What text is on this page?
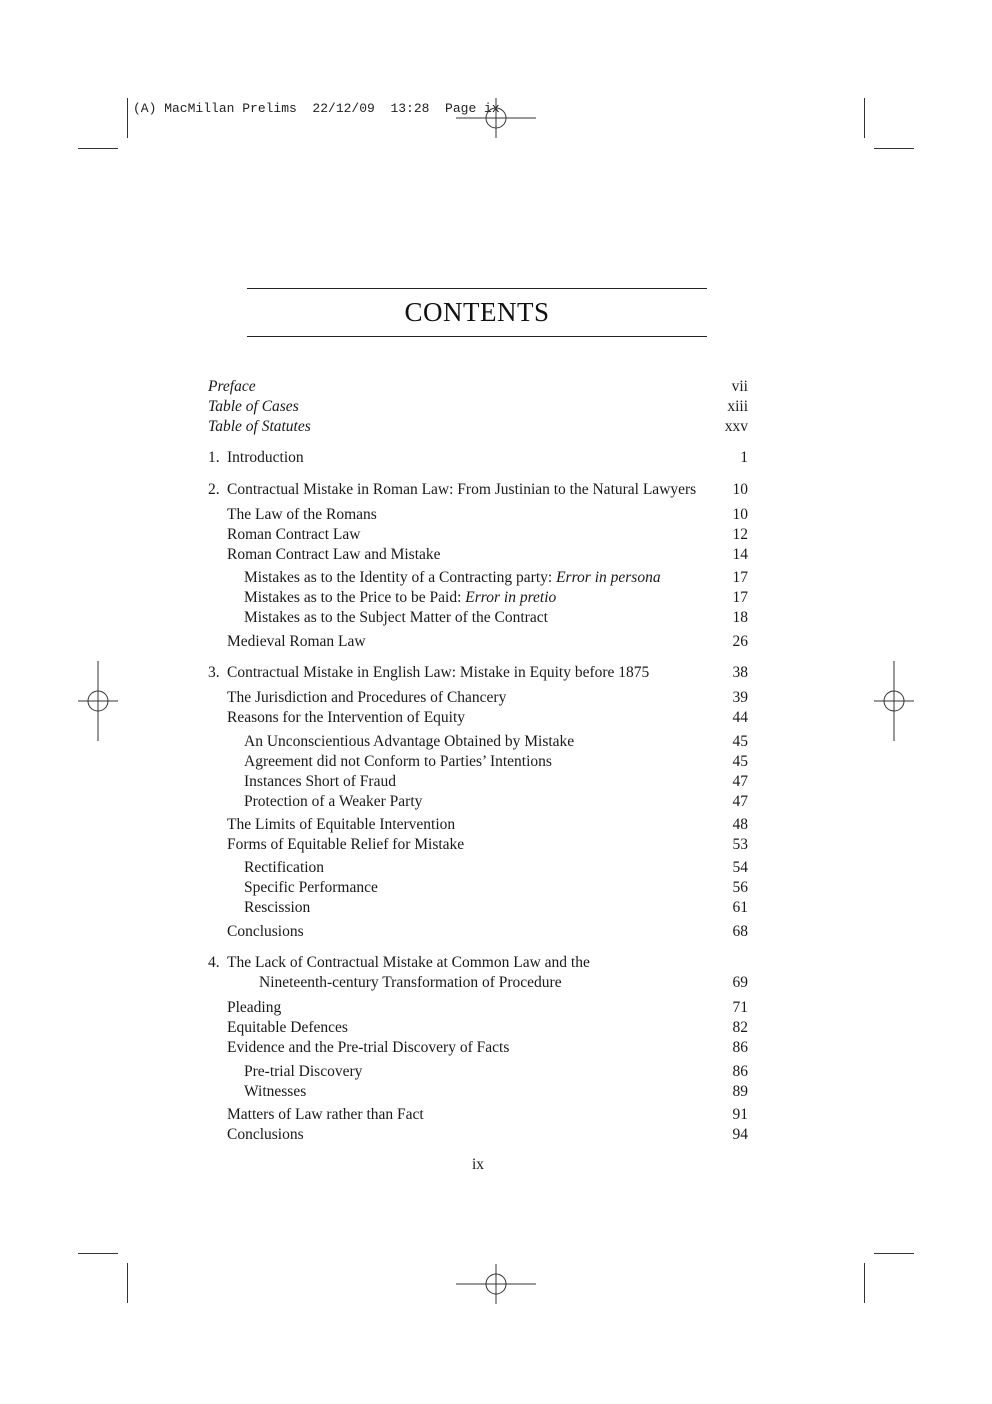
(A) MacMillan Prelims  22/12/09  13:28  Page ix
CONTENTS
Preface	vii
Table of Cases	xiii
Table of Statutes	xxv
1. Introduction	1
2. Contractual Mistake in Roman Law: From Justinian to the Natural Lawyers 10
The Law of the Romans	10
Roman Contract Law	12
Roman Contract Law and Mistake	14
Mistakes as to the Identity of a Contracting party: Error in persona	17
Mistakes as to the Price to be Paid: Error in pretio	17
Mistakes as to the Subject Matter of the Contract	18
Medieval Roman Law	26
3. Contractual Mistake in English Law: Mistake in Equity before 1875	38
The Jurisdiction and Procedures of Chancery	39
Reasons for the Intervention of Equity	44
An Unconscientious Advantage Obtained by Mistake	45
Agreement did not Conform to Parties’ Intentions	45
Instances Short of Fraud	47
Protection of a Weaker Party	47
The Limits of Equitable Intervention	48
Forms of Equitable Relief for Mistake	53
Rectification	54
Specific Performance	56
Rescission	61
Conclusions	68
4. The Lack of Contractual Mistake at Common Law and the
Nineteenth-century Transformation of Procedure	69
Pleading	71
Equitable Defences	82
Evidence and the Pre-trial Discovery of Facts	86
Pre-trial Discovery	86
Witnesses	89
Matters of Law rather than Fact	91
Conclusions	94
ix
